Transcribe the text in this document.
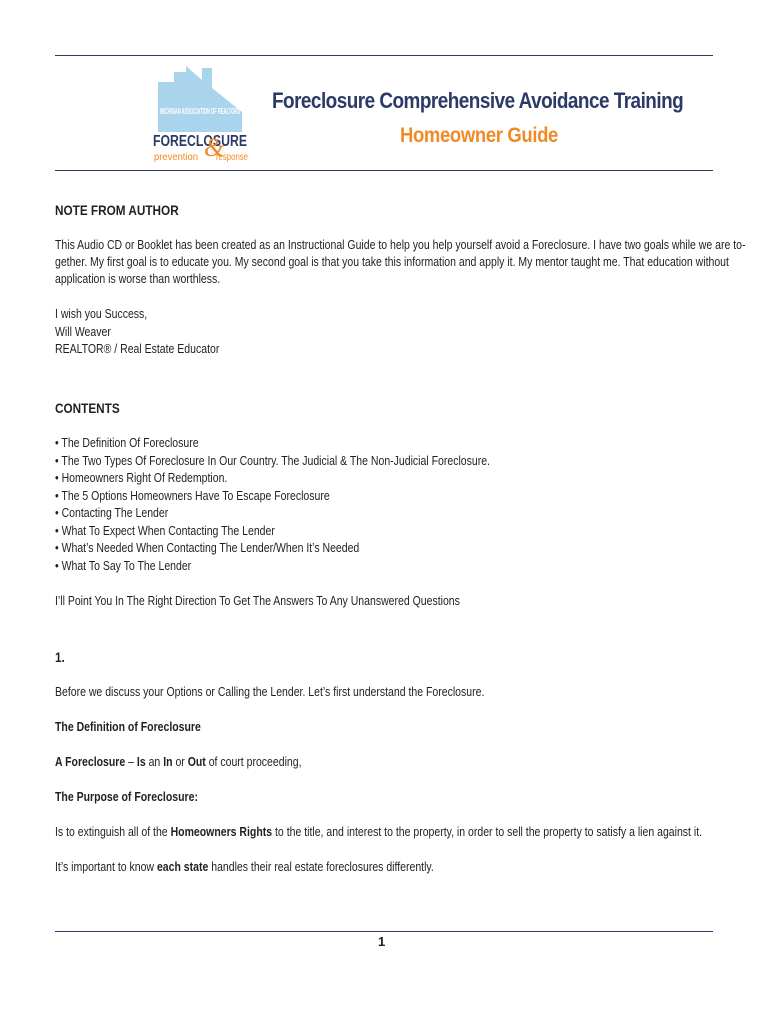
MICHIGAN ASSOCIATION OF REALTORS
FORECLOSURE
prevention &
response
Foreclosure Comprehensive Avoidance Training
Homeowner Guide
NOTE FROM AUTHOR
This Audio CD or Booklet has been created as an Instructional Guide to help you help yourself avoid a Foreclosure. I have two goals while we are to-
gether. My first goal is to educate you. My second goal is that you take this information and apply it. My mentor taught me. That education without
application is worse than worthless.
I wish you Success,
Will Weaver
REALTOR® / Real Estate Educator
CONTENTS
• The Definition Of Foreclosure
• The Two Types Of Foreclosure In Our Country. The Judicial & The Non-Judicial Foreclosure.
• Homeowners Right Of Redemption.
• The 5 Options Homeowners Have To Escape Foreclosure
• Contacting The Lender
• What To Expect When Contacting The Lender
• What’s Needed When Contacting The Lender/When It’s Needed
• What To Say To The Lender
I’ll Point You In The Right Direction To Get The Answers To Any Unanswered Questions
1.
Before we discuss your Options or Calling the Lender. Let’s first understand the Foreclosure.
The Definition of Foreclosure
A Foreclosure – Is an In or Out of court proceeding,
The Purpose of Foreclosure:
Is to extinguish all of the Homeowners Rights to the title, and interest to the property, in order to sell the property to satisfy a lien against it.
It’s important to know each state handles their real estate foreclosures differently.
1
